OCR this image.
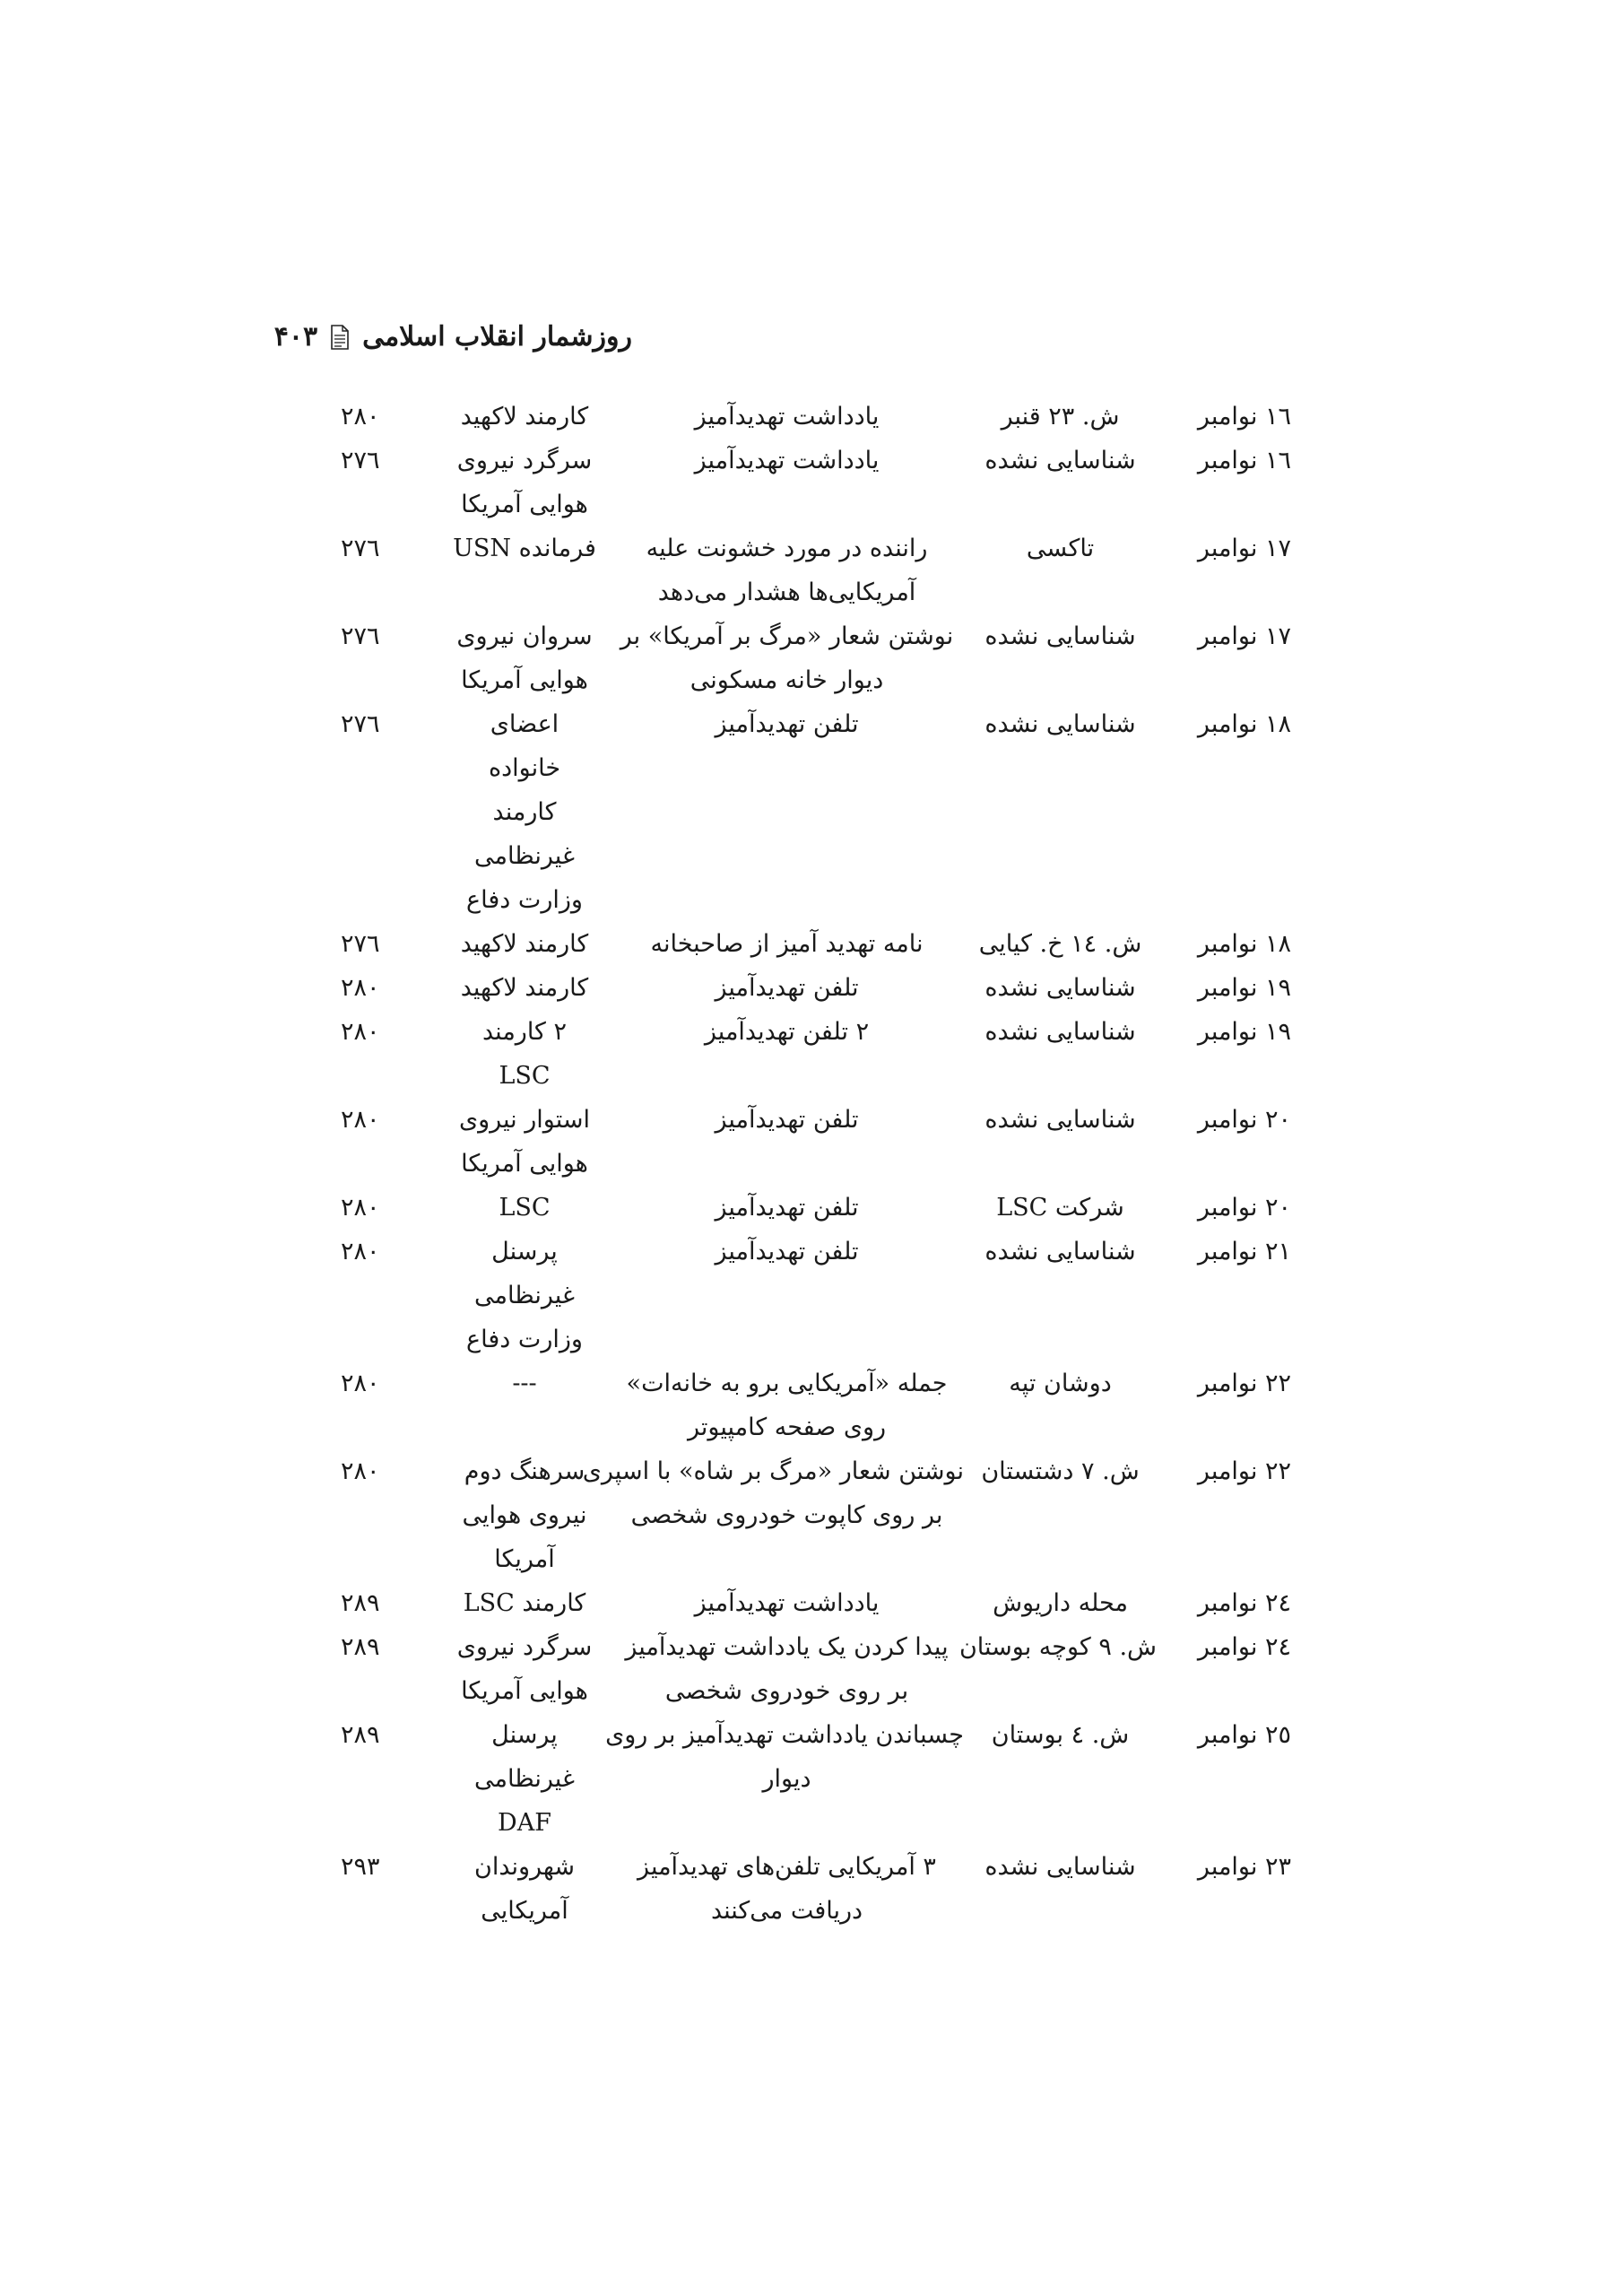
روزشمار انقلاب اسلامی
۴۰۳
١٦ نوامبر
ش. ٢٣ قنبر
يادداشت تهديدآميز
كارمند لاكهيد
٢٨٠
١٦ نوامبر
شناسايی نشده
يادداشت تهديدآميز
سرگرد نيروی
هوايی آمريكا
٢٧٦
١٧ نوامبر
تاكسی
راننده در مورد خشونت عليه
آمريكايی‌ها هشدار می‌دهد
فرمانده USN
٢٧٦
١٧ نوامبر
شناسايی نشده
نوشتن شعار «مرگ بر آمريكا» بر
ديوار خانه مسكونی
سروان نيروی
هوايی آمريكا
٢٧٦
١٨ نوامبر
شناسايی نشده
تلفن تهديدآميز
اعضای
خانواده
كارمند
غيرنظامی
وزارت دفاع
٢٧٦
١٨ نوامبر
ش. ١٤ خ. كيايی
نامه تهديد آميز از صاحبخانه
كارمند لاكهيد
٢٧٦
١٩ نوامبر
شناسايی نشده
تلفن تهديدآميز
كارمند لاكهيد
٢٨٠
١٩ نوامبر
شناسايی نشده
٢ تلفن تهديدآميز
٢ كارمند
LSC
٢٨٠
٢٠ نوامبر
شناسايی نشده
تلفن تهديدآميز
استوار نيروی
هوايی آمريكا
٢٨٠
٢٠ نوامبر
شركت LSC
تلفن تهديدآميز
LSC
٢٨٠
٢١ نوامبر
شناسايی نشده
تلفن تهديدآميز
پرسنل
غيرنظامی
وزارت دفاع
٢٨٠
٢٢ نوامبر
دوشان تپه
جمله «آمريكايی برو به خانه‌ات»
روی صفحه كامپيوتر
---
٢٨٠
٢٢ نوامبر
ش. ٧ دشتستان
نوشتن شعار «مرگ بر شاه» با اسپری
بر روی كاپوت خودروی شخصی
سرهنگ دوم
نيروی هوايی
آمريكا
٢٨٠
٢٤ نوامبر
محله داريوش
يادداشت تهديدآميز
كارمند LSC
٢٨٩
٢٤ نوامبر
ش. ٩ كوچه بوستان
پيدا كردن يک يادداشت تهديدآميز
بر روی خودروی شخصی
سرگرد نيروی
هوايی آمريكا
٢٨٩
٢٥ نوامبر
ش. ٤ بوستان
چسباندن يادداشت تهديدآميز بر روی
ديوار
پرسنل
غيرنظامی
DAF
٢٨٩
٢٣ نوامبر
شناسايی نشده
٣ آمريكايی تلفن‌های تهديدآميز
دريافت می‌كنند
شهروندان
آمريكايی
٢٩٣
